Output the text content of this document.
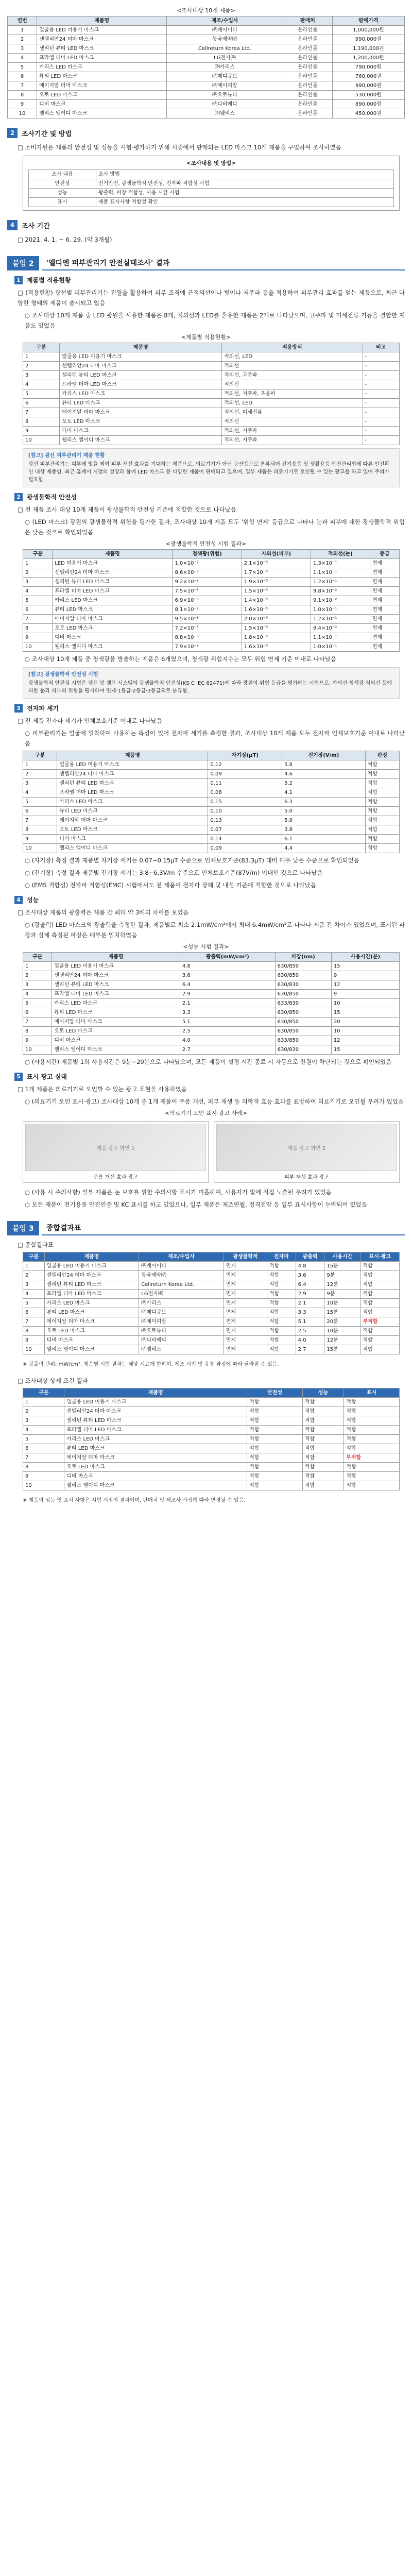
<조사대상 10개 제품>
연번	제품명	제조/수입사	판매처	판매가격
1	얼굴용 LED 미용기 마스크	㈜케어미디	온라인몰	1,000,000원
2	센텔리안24 더마 마스크	동국제약㈜	온라인몰	990,000원
3	셀리턴 뷰티 LED 마스크	Cellreturn Korea Ltd.	온라인몰	1,190,000원
4	프라엘 더마 LED 마스크	LG전자㈜	온라인몰	1,200,000원
5	카리스 LED 마스크	㈜카리스	온라인몰	790,000원
6	뷰티 LED 마스크	㈜메디큐브	온라인몰	760,000원
7	에이지알 더마 마스크	㈜에이피알	온라인몰	990,000원
8	오토 LED 마스크	㈜오토뷰티	온라인몰	530,000원
9	디비 마스크	㈜디비메디	온라인몰	890,000원
10	웰리스 엘이디 마스크	㈜웰리스	온라인몰	450,000원
2	조사기간 및 방법

□ 소비자원은 제품의 안전성 및 성능을 시험·평가하기 위해 시중에서 판매되는 LED 마스크 10개 제품을 구입하여 조사하였음

<조사내용 및 방법>
조사 내용	조사 방법
안전성	전기안전, 광생물학적 안전성, 전자파 적합성 시험
성능	광출력, 파장 적합성, 사용 시간 시험
표시	제품 표시사항 적합성 확인
4	조사 기간

□ 2021. 4. 1. ~ 6. 29. (약 3개월)

붙임 2	'엘디엔 퍼부관리기 안전실태조사' 결과
1	제품별 적용현황

□ (적용현황) 광선별 피부관리기는 전원을 활용하여 피부 조직에 근적외선이나 빛이나 저주파 등을 적용하여 피부관리 효과를 얻는 제품으로, 최근 다양한 형태의 제품이 출시되고 있음

○ 조사대상 10개 제품 중 LED 광원을 사용한 제품은 8개, 적외선과 LED를 혼용한 제품은 2개로 나타났으며, 고주파 및 미세전류 기능을 결합한 제품도 있었음

<제품별 적용현황>
구분	제품명	적용방식	비고
1	얼굴용 LED 미용기 마스크	적외선, LED	-
2	센텔리안24 더마 마스크	적외선	-
3	셀리턴 뷰티 LED 마스크	적외선, 고주파	-
4	프라엘 더마 LED 마스크	적외선	-
5	카리스 LED 마스크	적외선, 저주파, 초음파	-
6	뷰티 LED 마스크	적외선, LED	-
7	에이지알 더마 마스크	적외선, 미세전류	-
8	오토 LED 마스크	적외선	-
9	디비 마스크	적외선, 저주파	-
10	웰리스 엘이디 마스크	적외선, 저주파	-
[참고] 광선 피부관리기 제품 현황
광선 피부관리기는 피부에 빛을 쬐여 피부 개선 효과를 기대하는 제품으로, 의료기기가 아닌 공산품으로 분류되어 전기용품 및 생활용품 안전관리법에 따른 안전확인 대상 제품임. 최근 홈케어 시장의 성장과 함께 LED 마스크 등 다양한 제품이 판매되고 있으며, 일부 제품은 의료기기로 오인될 수 있는 광고를 하고 있어 주의가 필요함.
2	광생물학적 안전성

□ 전 제품 조사 대상 10개 제품이 광생물학적 안전성 기준에 적합한 것으로 나타났음

○ (LED 마스크) 광원의 광생물학적 위험을 평가한 결과, 조사대상 10개 제품 모두 '위험 면제' 등급으로 나타나 눈과 피부에 대한 광생물학적 위험은 낮은 것으로 확인되었음

<광생물학적 안전성 시험 결과>
구분	제품명	청색광(위험)	자외선(피부)	적외선(눈)	등급
1	LED 미용기 마스크	1.0×10⁻²	2.1×10⁻⁵	1.3×10⁻¹	면제
2	센텔리안24 더마 마스크	8.6×10⁻³	1.7×10⁻⁵	1.1×10⁻¹	면제
3	셀리턴 뷰티 LED 마스크	9.2×10⁻³	1.9×10⁻⁵	1.2×10⁻¹	면제
4	프라엘 더마 LED 마스크	7.5×10⁻³	1.5×10⁻⁵	9.8×10⁻²	면제
5	카리스 LED 마스크	6.9×10⁻³	1.4×10⁻⁵	9.1×10⁻²	면제
6	뷰티 LED 마스크	8.1×10⁻³	1.6×10⁻⁵	1.0×10⁻¹	면제
7	에이지알 더마 마스크	9.5×10⁻³	2.0×10⁻⁵	1.2×10⁻¹	면제
8	오토 LED 마스크	7.2×10⁻³	1.5×10⁻⁵	9.4×10⁻²	면제
9	디비 마스크	8.8×10⁻³	1.8×10⁻⁵	1.1×10⁻¹	면제
10	웰리스 엘이디 마스크	7.9×10⁻³	1.6×10⁻⁵	1.0×10⁻¹	면제

○ 조사대상 10개 제품 중 청색광을 방출하는 제품은 6개였으며, 청색광 위험지수는 모두 위험 면제 기준 이내로 나타났음

[참고] 광생물학적 안전성 시험
광생물학적 안전성 시험은 램프 및 램프 시스템의 광생물학적 안전성(KS C IEC 62471)에 따라 광원의 위험 등급을 평가하는 시험으로, 자외선·청색광·적외선 등에 의한 눈과 피부의 위험을 평가하여 면제·1등급·2등급·3등급으로 분류함.
3	전자파 세기

□ 전 제품 전자파 세기가 인체보호기준 이내로 나타났음

○ 피부관리기는 얼굴에 밀착하여 사용하는 특성이 있어 전자파 세기를 측정한 결과, 조사대상 10개 제품 모두 전자파 인체보호기준 이내로 나타났음

구분	제품명	자기장(μT)	전기장(V/m)	판정
1	얼굴용 LED 미용기 마스크	0.12	5.8	적합
2	센텔리안24 더마 마스크	0.09	4.6	적합
3	셀리턴 뷰티 LED 마스크	0.11	5.2	적합
4	프라엘 더마 LED 마스크	0.08	4.1	적합
5	카리스 LED 마스크	0.15	6.3	적합
6	뷰티 LED 마스크	0.10	5.0	적합
7	에이지알 더마 마스크	0.13	5.9	적합
8	오토 LED 마스크	0.07	3.8	적합
9	디비 마스크	0.14	6.1	적합
10	웰리스 엘이디 마스크	0.09	4.4	적합

○ (자기장) 측정 결과 제품별 자기장 세기는 0.07~0.15μT 수준으로 인체보호기준(83.3μT) 대비 매우 낮은 수준으로 확인되었음

○ (전기장) 측정 결과 제품별 전기장 세기는 3.8~6.3V/m 수준으로 인체보호기준(87V/m) 이내인 것으로 나타났음

○ (EMS 적합성) 전자파 적합성(EMC) 시험에서도 전 제품이 전자파 장해 및 내성 기준에 적합한 것으로 나타났음

4	성능

□ 조사대상 제품의 광출력은 제품 간 최대 약 3배의 차이를 보였음

○ (광출력) LED 마스크의 광출력을 측정한 결과, 제품별로 최소 2.1mW/cm²에서 최대 6.4mW/cm²로 나타나 제품 간 차이가 있었으며, 표시된 파장과 실제 측정된 파장은 대부분 일치하였음

<성능 시험 결과>
구분	제품명	광출력(mW/cm²)	파장(nm)	사용시간(분)
1	얼굴용 LED 미용기 마스크	4.8	630/850	15
2	센텔리안24 더마 마스크	3.6	630/850	9
3	셀리턴 뷰티 LED 마스크	6.4	630/830	12
4	프라엘 더마 LED 마스크	2.9	630/850	9
5	카리스 LED 마스크	2.1	633/830	10
6	뷰티 LED 마스크	3.3	630/850	15
7	에이지알 더마 마스크	5.1	630/850	20
8	오토 LED 마스크	2.5	630/850	10
9	디비 마스크	4.0	633/850	12
10	웰리스 엘이디 마스크	2.7	630/830	15

○ (사용시간) 제품별 1회 사용시간은 9분~20분으로 나타났으며, 모든 제품이 설정 시간 종료 시 자동으로 전원이 차단되는 것으로 확인되었음

5	표시 광고 실태

□ 1개 제품은 의료기기로 오인할 수 있는 광고 표현을 사용하였음

○ (의료기기 오인 표시·광고) 조사대상 10개 중 1개 제품이 주름 개선, 피부 재생 등 의학적 효능·효과를 표방하여 의료기기로 오인될 우려가 있었음

<의료기기 오인 표시·광고 사례>
제품 광고 화면 1
주름 개선 효과 광고
제품 광고 화면 2
피부 재생 효과 광고

○ (사용 시 주의사항) 일부 제품은 눈 보호를 위한 주의사항 표시가 미흡하여, 사용자가 빛에 직접 노출될 우려가 있었음

○ 모든 제품이 전기용품 안전인증 및 KC 표시를 하고 있었으나, 일부 제품은 제조연월, 정격전압 등 일부 표시사항이 누락되어 있었음

붙임 3	종합결과표

□ 종합결과표

구분	제품명	제조/수입사	광생물학적	전자파	광출력	사용시간	표시·광고
1	얼굴용 LED 미용기 마스크	㈜케어미디	면제	적합	4.8	15분	적합
2	센텔리안24 더마 마스크	동국제약㈜	면제	적합	3.6	9분	적합
3	셀리턴 뷰티 LED 마스크	Cellreturn Korea Ltd.	면제	적합	6.4	12분	적합
4	프라엘 더마 LED 마스크	LG전자㈜	면제	적합	2.9	9분	적합
5	카리스 LED 마스크	㈜카리스	면제	적합	2.1	10분	적합
6	뷰티 LED 마스크	㈜메디큐브	면제	적합	3.3	15분	적합
7	에이지알 더마 마스크	㈜에이피알	면제	적합	5.1	20분	부적합
8	오토 LED 마스크	㈜오토뷰티	면제	적합	2.5	10분	적합
9	디비 마스크	㈜디비메디	면제	적합	4.0	12분	적합
10	웰리스 엘이디 마스크	㈜웰리스	면제	적합	2.7	15분	적합
※ 광출력 단위: mW/cm². 제품별 시험 결과는 해당 시료에 한하며, 제조 시기 및 유통 과정에 따라 달라질 수 있음.

□ 조사대상 상세 조건 결과

구분	제품명	안전성	성능	표시
1	얼굴용 LED 미용기 마스크	적합	적합	적합
2	센텔리안24 더마 마스크	적합	적합	적합
3	셀리턴 뷰티 LED 마스크	적합	적합	적합
4	프라엘 더마 LED 마스크	적합	적합	적합
5	카리스 LED 마스크	적합	적합	적합
6	뷰티 LED 마스크	적합	적합	적합
7	에이지알 더마 마스크	적합	적합	부적합
8	오토 LED 마스크	적합	적합	적합
9	디비 마스크	적합	적합	적합
10	웰리스 엘이디 마스크	적합	적합	적합
※ 제품의 성능 및 표시 사항은 시험 시점의 결과이며, 판매처 및 제조사 사정에 따라 변경될 수 있음.
